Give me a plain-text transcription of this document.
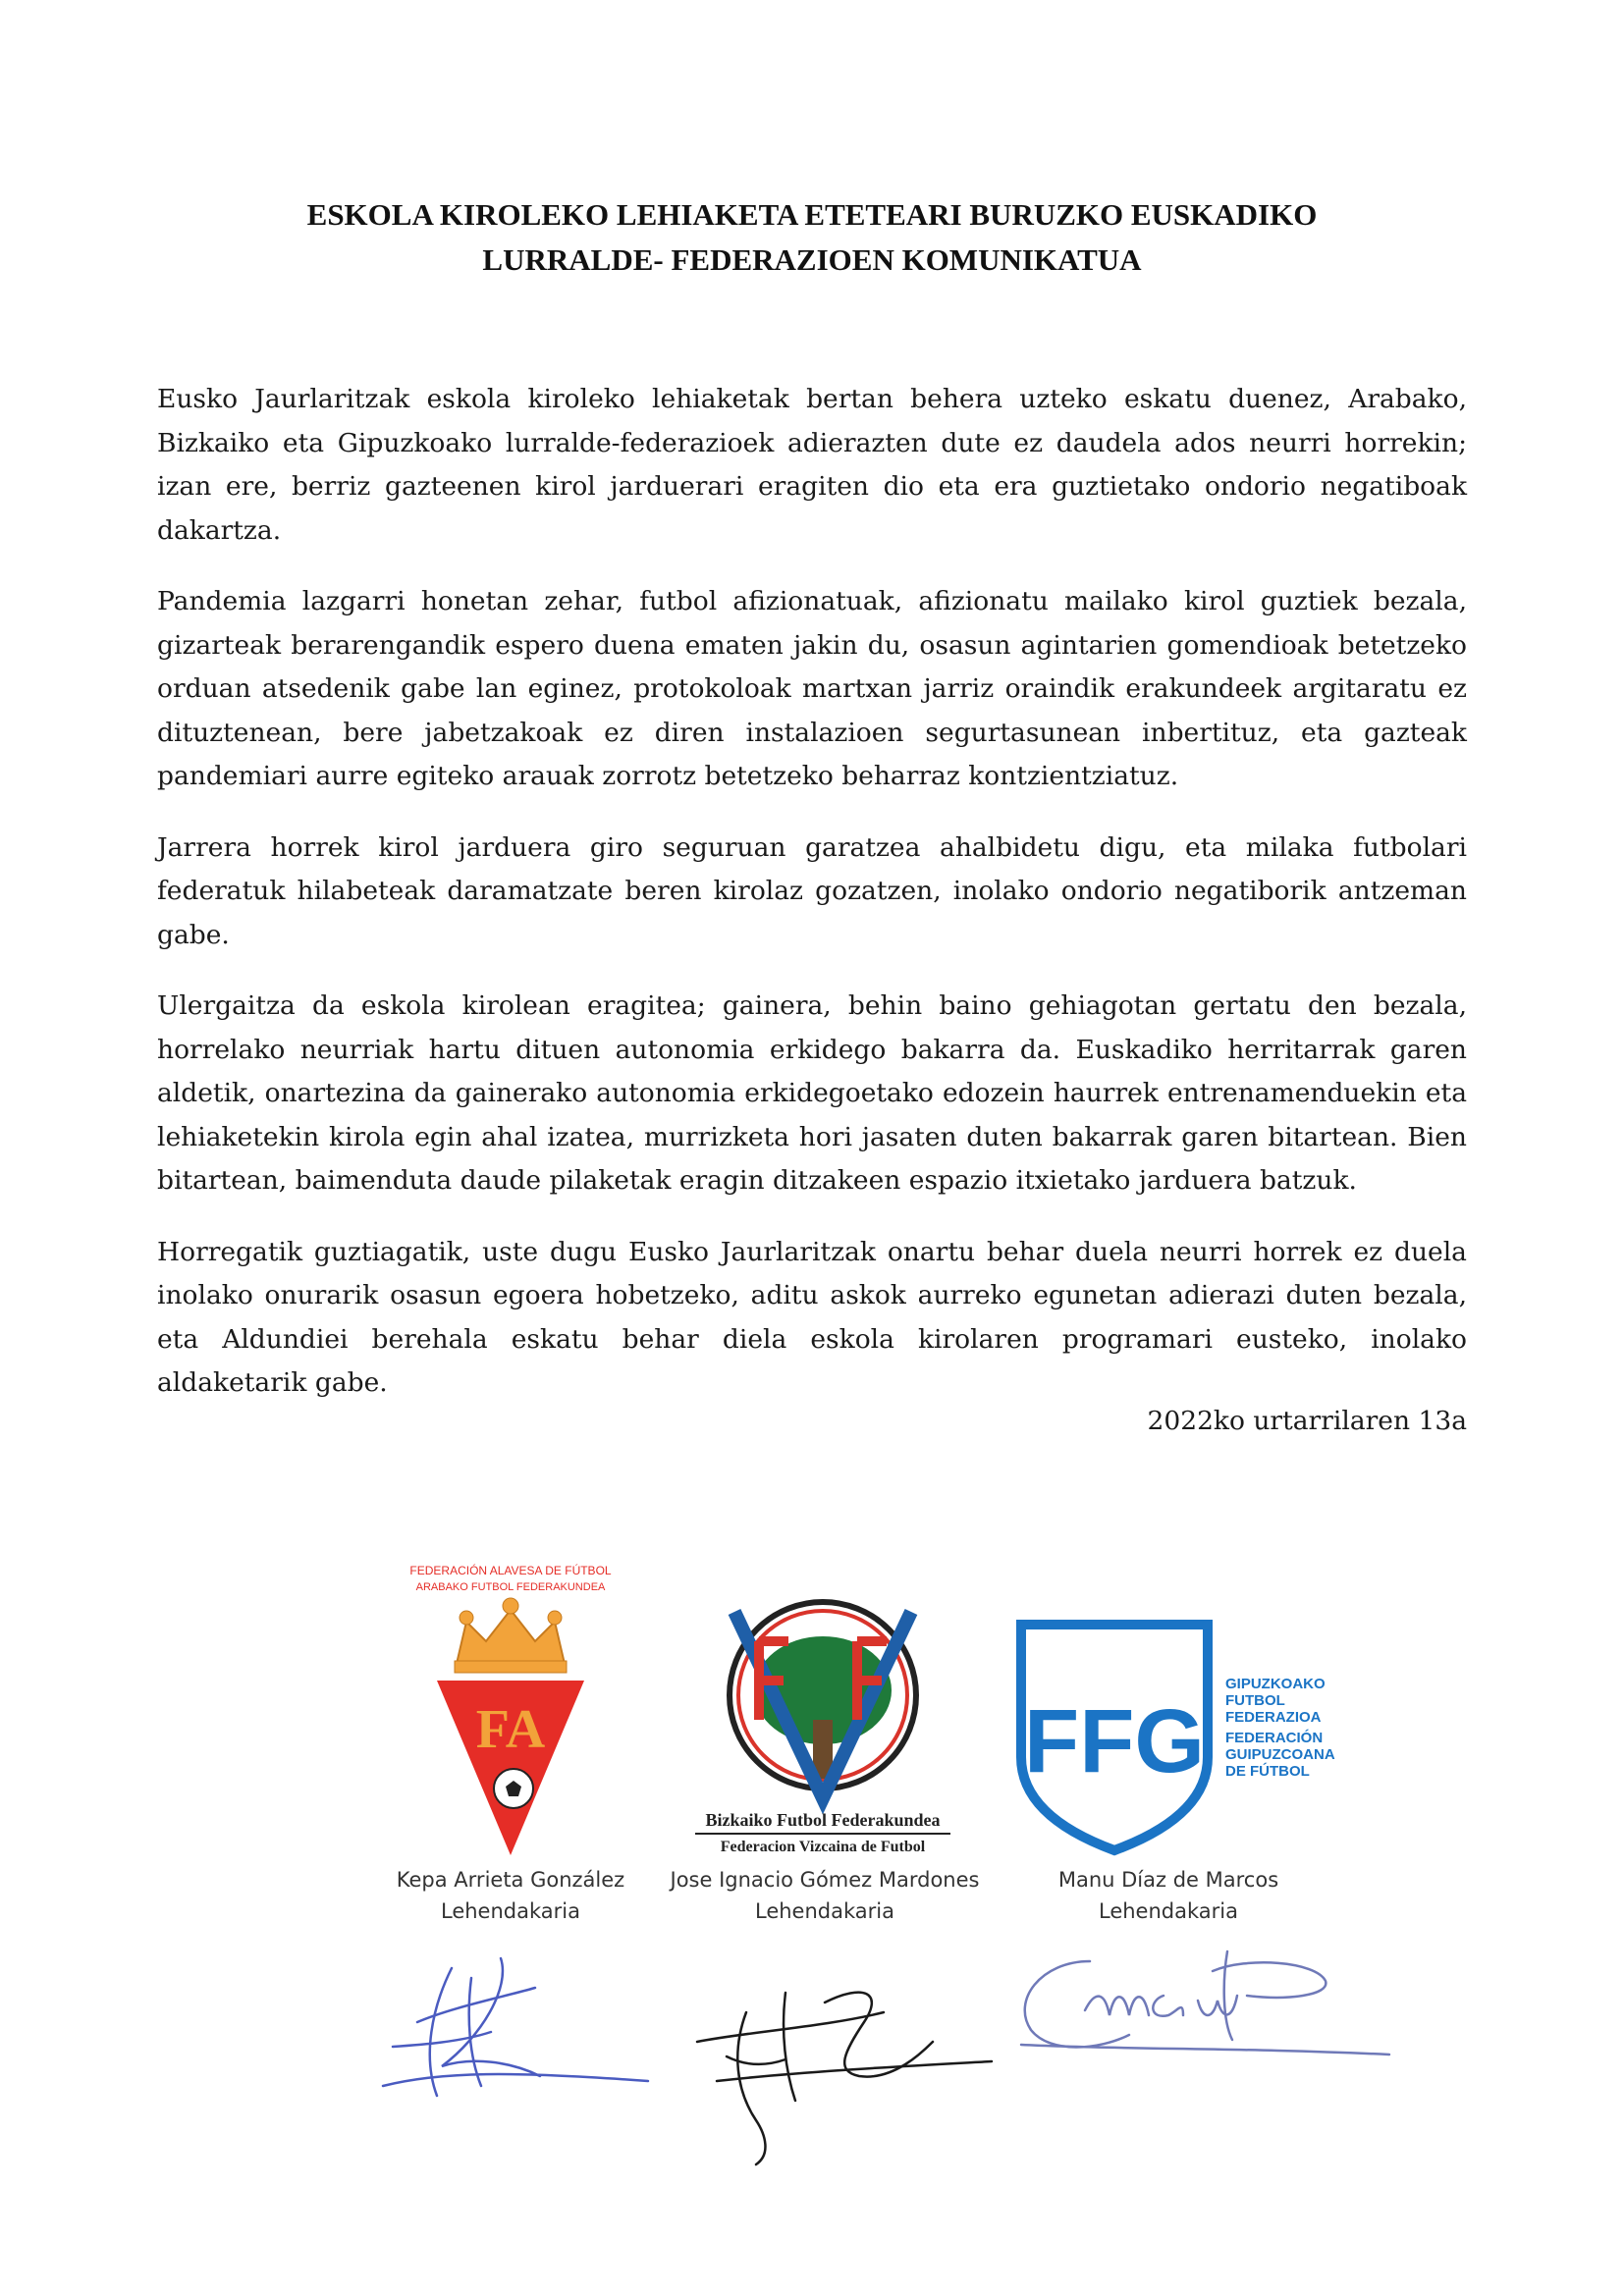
ESKOLA KIROLEKO LEHIAKETA ETETEARI BURUZKO EUSKADIKO
LURRALDE- FEDERAZIOEN KOMUNIKATUA

Eusko Jaurlaritzak eskola kiroleko lehiaketak bertan behera uzteko eskatu duenez, Arabako, Bizkaiko eta Gipuzkoako lurralde-federazioek adierazten dute ez daudela ados neurri horrekin; izan ere, berriz gazteenen kirol jarduerari eragiten dio eta era guztietako ondorio negatiboak dakartza.

Pandemia lazgarri honetan zehar, futbol afizionatuak, afizionatu mailako kirol guztiek bezala, gizarteak berarengandik espero duena ematen jakin du, osasun agintarien gomendioak betetzeko orduan atsedenik gabe lan eginez, protokoloak martxan jarriz oraindik erakundeek argitaratu ez dituztenean, bere jabetzakoak ez diren instalazioen segurtasunean inbertituz, eta gazteak pandemiari aurre egiteko arauak zorrotz betetzeko beharraz kontzientziatuz.

Jarrera horrek kirol jarduera giro seguruan garatzea ahalbidetu digu, eta milaka futbolari federatuk hilabeteak daramatzate beren kirolaz gozatzen, inolako ondorio negatiborik antzeman gabe.

Ulergaitza da eskola kirolean eragitea; gainera, behin baino gehiagotan gertatu den bezala, horrelako neurriak hartu dituen autonomia erkidego bakarra da. Euskadiko herritarrak garen aldetik, onartezina da gainerako autonomia erkidegoetako edozein haurrek entrenamenduekin eta lehiaketekin kirola egin ahal izatea, murrizketa hori jasaten duten bakarrak garen bitartean. Bien bitartean, baimenduta daude pilaketak eragin ditzakeen espazio itxietako jarduera batzuk.

Horregatik guztiagatik, uste dugu Eusko Jaurlaritzak onartu behar duela neurri horrek ez duela inolako onurarik osasun egoera hobetzeko, aditu askok aurreko egunetan adierazi duten bezala, eta Aldundiei berehala eskatu behar diela eskola kirolaren programari eusteko, inolako aldaketarik gabe.

2022ko urtarrilaren 13a
FEDERACIÓN ALAVESA DE FÚTBOL
ARABAKO FUTBOL FEDERAKUNDEA
FA
Bizkaiko Futbol Federakundea
Federacion Vizcaina de Futbol
FFG
GIPUZKOAKO
FUTBOL
FEDERAZIOA
FEDERACIÓN
GUIPUZCOANA
DE FÚTBOL
Kepa Arrieta González
Lehendakaria
Jose Ignacio Gómez Mardones
Lehendakaria
Manu Díaz de Marcos
Lehendakaria
